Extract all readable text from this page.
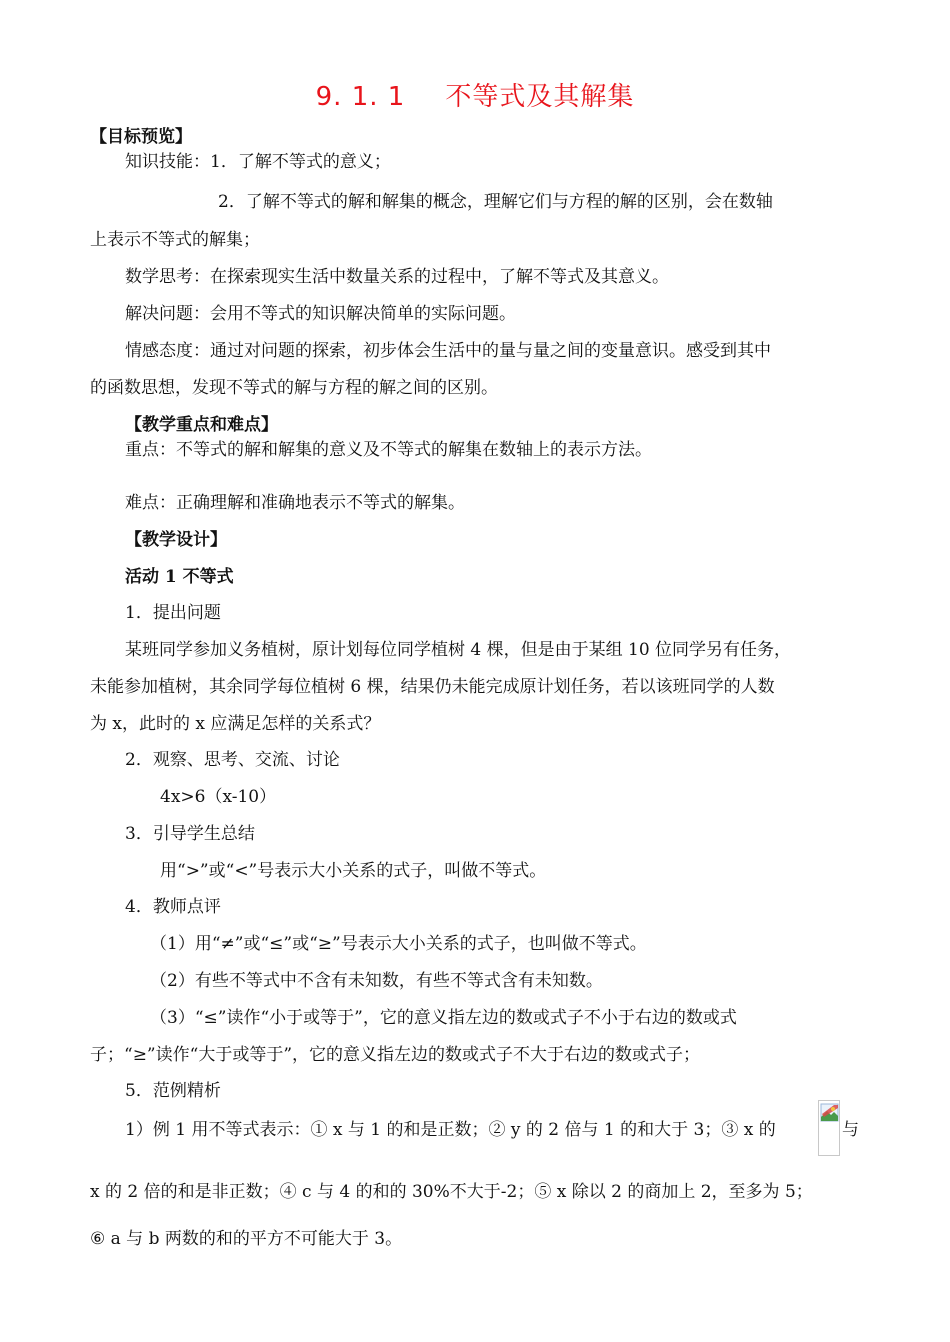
9. 1. 1 不等式及其解集
【目标预览】
知识技能：1．了解不等式的意义；
2．了解不等式的解和解集的概念，理解它们与方程的解的区别，会在数轴
上表示不等式的解集；
数学思考：在探索现实生活中数量关系的过程中，了解不等式及其意义。
解决问题：会用不等式的知识解决简单的实际问题。
情感态度：通过对问题的探索，初步体会生活中的量与量之间的变量意识。感受到其中
的函数思想，发现不等式的解与方程的解之间的区别。
【教学重点和难点】
重点：不等式的解和解集的意义及不等式的解集在数轴上的表示方法。
难点：正确理解和准确地表示不等式的解集。
【教学设计】
活动 1 不等式
1．提出问题
某班同学参加义务植树，原计划每位同学植树 4 棵，但是由于某组 10 位同学另有任务，
未能参加植树，其余同学每位植树 6 棵，结果仍未能完成原计划任务，若以该班同学的人数
为 x，此时的 x 应满足怎样的关系式？
2．观察、思考、交流、讨论
4x>6（x-10）
3．引导学生总结
用“>”或“<”号表示大小关系的式子，叫做不等式。
4．教师点评
（1）用“≠”或“≤”或“≥”号表示大小关系的式子，也叫做不等式。
（2）有些不等式中不含有未知数，有些不等式含有未知数。
（3）“≤”读作“小于或等于”，它的意义指左边的数或式子不小于右边的数或式
子；“≥”读作“大于或等于”，它的意义指左边的数或式子不大于右边的数或式子；
5．范例精析
1）例 1 用不等式表示：① x 与 1 的和是正数；② y 的 2 倍与 1 的和大于 3；③ x 的	与
x 的 2 倍的和是非正数；④ c 与 4 的和的 30%不大于-2；⑤ x 除以 2 的商加上 2，至多为 5；
⑥ a 与 b 两数的和的平方不可能大于 3。
